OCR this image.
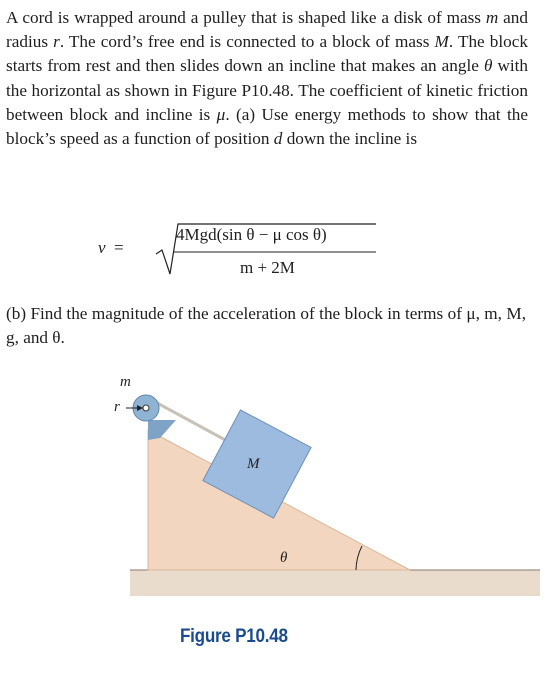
A cord is wrapped around a pulley that is shaped like a disk of mass m and radius r. The cord’s free end is connected to a block of mass M. The block starts from rest and then slides down an incline that makes an angle θ with the horizontal as shown in Figure P10.48. The coefficient of kinetic friction between block and incline is μ. (a) Use energy methods to show that the block’s speed as a function of position d down the incline is
v =
4Mgd(sin θ − μ cos θ)
m + 2M
(b) Find the magnitude of the acceleration of the block in terms of μ, m, M, g, and θ.
m
r
M
θ
Figure P10.48
